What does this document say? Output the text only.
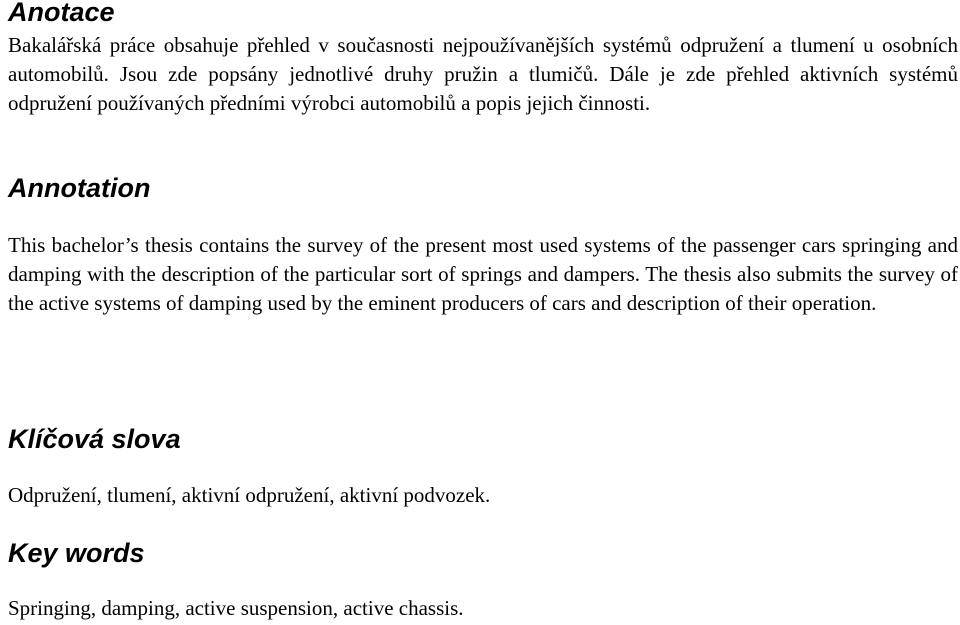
Anotace

Bakalářská práce obsahuje přehled v současnosti nejpoužívanějších systémů odpružení a tlumení u osobních automobilů. Jsou zde popsány jednotlivé druhy pružin a tlumičů. Dále je zde přehled aktivních systémů odpružení používaných předními výrobci automobilů a popis jejich činnosti.

Annotation

This bachelor’s thesis contains the survey of the present most used systems of the passenger cars springing and damping with the description of the particular sort of springs and dampers. The thesis also submits the survey of the active systems of damping used by the eminent producers of cars and description of their operation.

Klíčová slova

Odpružení, tlumení, aktivní odpružení, aktivní podvozek.

Key words

Springing, damping, active suspension, active chassis.
